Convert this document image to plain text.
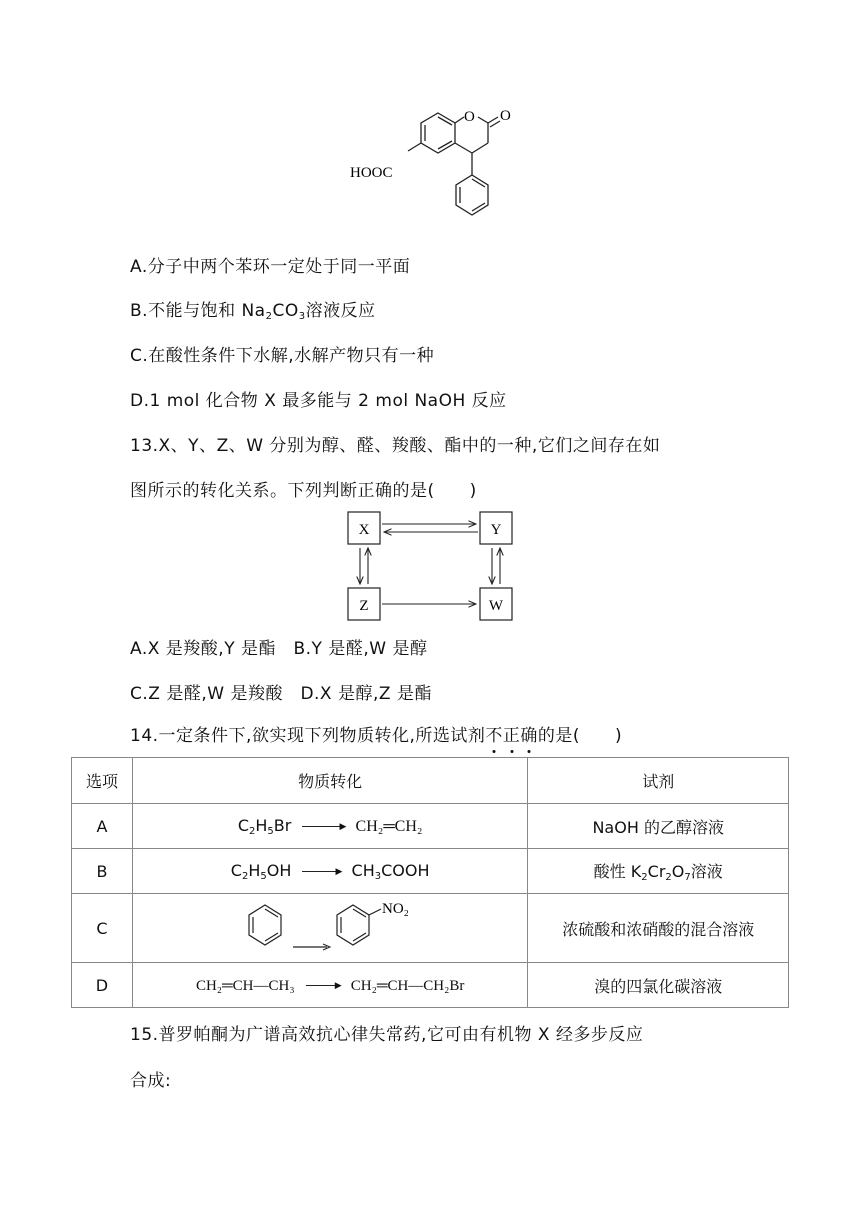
O O
HOOC
A.分子中两个苯环一定处于同一平面
B.不能与饱和 $Na_2CO_3$溶液反应
C.在酸性条件下水解,水解产物只有一种
D.1 mol 化合物 X 最多能与 2 mol NaOH 反应
13.X、Y、Z、W 分别为醇、醛、羧酸、酯中的一种,它们之间存在如
图所示的转化关系。下列判断正确的是(　　)
X	Y
Z	W
A.X 是羧酸,Y 是酯　B.Y 是醛,W 是醇
C.Z 是醛,W 是羧酸　D.X 是醇,Z 是酯
14.一定条件下,欲实现下列物质转化,所选试剂不正确的是(　　)
选项	物质转化	试剂
A	$C_2H_5Br$ ▶ CH₂═CH₂	NaOH 的乙醇溶液
B	$C_2H_5OH$ ▶ $CH_3COOH$	酸性 $K_2Cr_2O_7$溶液
C	NO₂	浓硫酸和浓硝酸的混合溶液
D	CH₂═CH—CH₃ ▶ CH₂═CH—CH₂Br	溴的四氯化碳溶液
15.普罗帕酮为广谱高效抗心律失常药,它可由有机物 X 经多步反应
合成:
